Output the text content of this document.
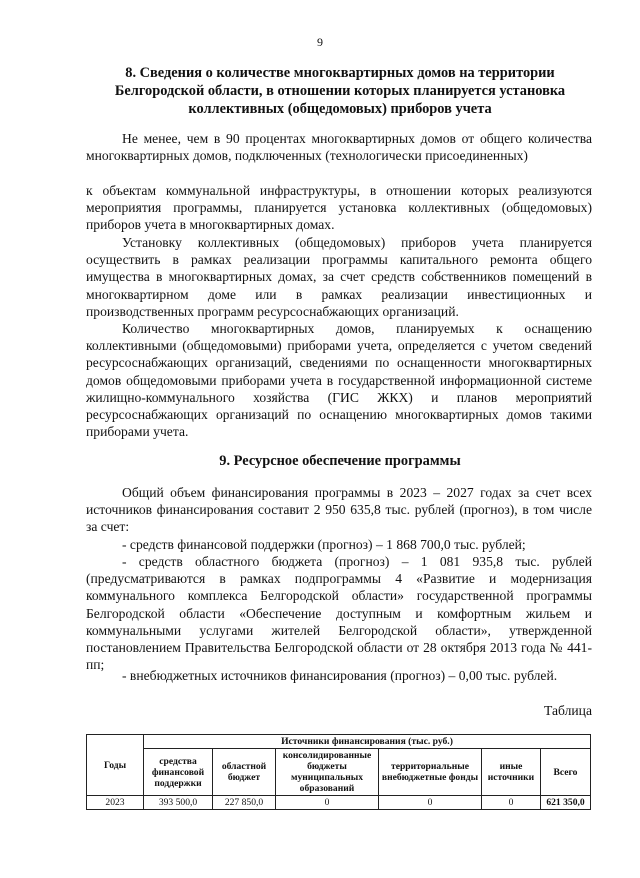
9
8. Сведения о количестве многоквартирных домов на территории Белгородской области, в отношении которых планируется установка коллективных (общедомовых) приборов учета
Не менее, чем в 90 процентах многоквартирных домов от общего количества многоквартирных домов, подключенных (технологически присоединенных)
к объектам коммунальной инфраструктуры, в отношении которых реализуются мероприятия программы, планируется установка коллективных (общедомовых) приборов учета в многоквартирных домах.
Установку коллективных (общедомовых) приборов учета планируется осуществить в рамках реализации программы капитального ремонта общего имущества в многоквартирных домах, за счет средств собственников помещений в многоквартирном доме или в рамках реализации инвестиционных и производственных программ ресурсоснабжающих организаций.
Количество многоквартирных домов, планируемых к оснащению коллективными (общедомовыми) приборами учета, определяется с учетом сведений ресурсоснабжающих организаций, сведениями по оснащенности многоквартирных домов общедомовыми приборами учета в государственной информационной системе жилищно-коммунального хозяйства (ГИС ЖКХ) и планов мероприятий ресурсоснабжающих организаций по оснащению многоквартирных домов такими приборами учета.
9. Ресурсное обеспечение программы
Общий объем финансирования программы в 2023 – 2027 годах за счет всех источников финансирования составит 2 950 635,8 тыс. рублей (прогноз), в том числе за счет:
- средств финансовой поддержки (прогноз) – 1 868 700,0 тыс. рублей;
- средств областного бюджета (прогноз) – 1 081 935,8 тыс. рублей (предусматриваются в рамках подпрограммы 4 «Развитие и модернизация коммунального комплекса Белгородской области» государственной программы Белгородской области «Обеспечение доступным и комфортным жильем и коммунальными услугами жителей Белгородской области», утвержденной постановлением Правительства Белгородской области от 28 октября 2013 года № 441-пп;
- внебюджетных источников финансирования (прогноз) – 0,00 тыс. рублей.
Таблица
Годы	Источники финансирования (тыс. руб.)					
	средства финансовой поддержки	областной бюджет	консолидированные бюджеты муниципальных образований	территориальные внебюджетные фонды	иные источники	Всего
2023	393 500,0	227 850,0	0	0	0	621 350,0
